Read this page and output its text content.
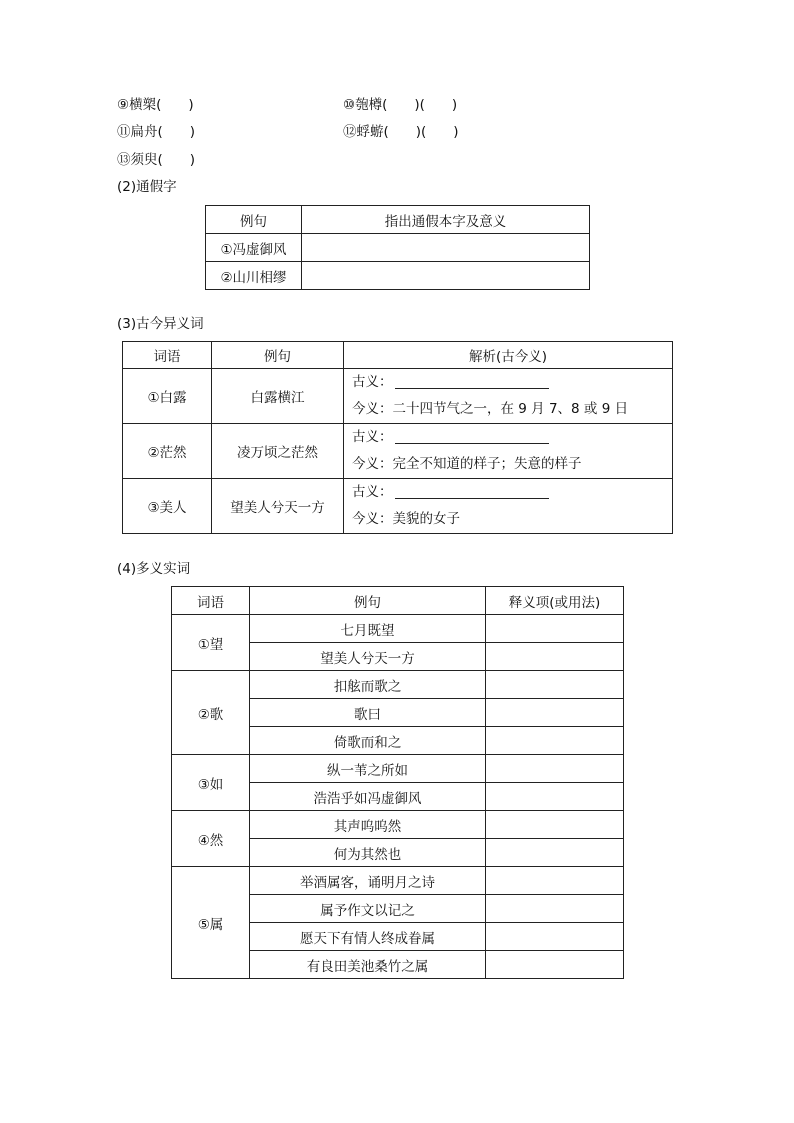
⑨横槊(　　)	⑩匏樽(　　)(　　)
⑪扁舟(　　)	⑫蜉蝣(　　)(　　)
⑬须臾(　　)
(2)通假字
例句	指出通假本字及意义
①冯虚御风	
②山川相缪	
(3)古今异义词
词语	例句	解析(古今义)
①白露	白露横江	古义：
今义：二十四节气之一，在 9 月 7、8 或 9 日

②茫然	凌万顷之茫然	古义：
今义：完全不知道的样子；失意的样子

③美人	望美人兮天一方	古义：
今义：美貌的女子
(4)多义实词
词语	例句	释义项(或用法)
①望	七月既望	
	望美人兮天一方	
②歌	扣舷而歌之	
	歌曰	
	倚歌而和之	
③如	纵一苇之所如	
	浩浩乎如冯虚御风	
④然	其声呜呜然	
	何为其然也	
⑤属	举酒属客，诵明月之诗	
	属予作文以记之	
	愿天下有情人终成眷属	
	有良田美池桑竹之属	
